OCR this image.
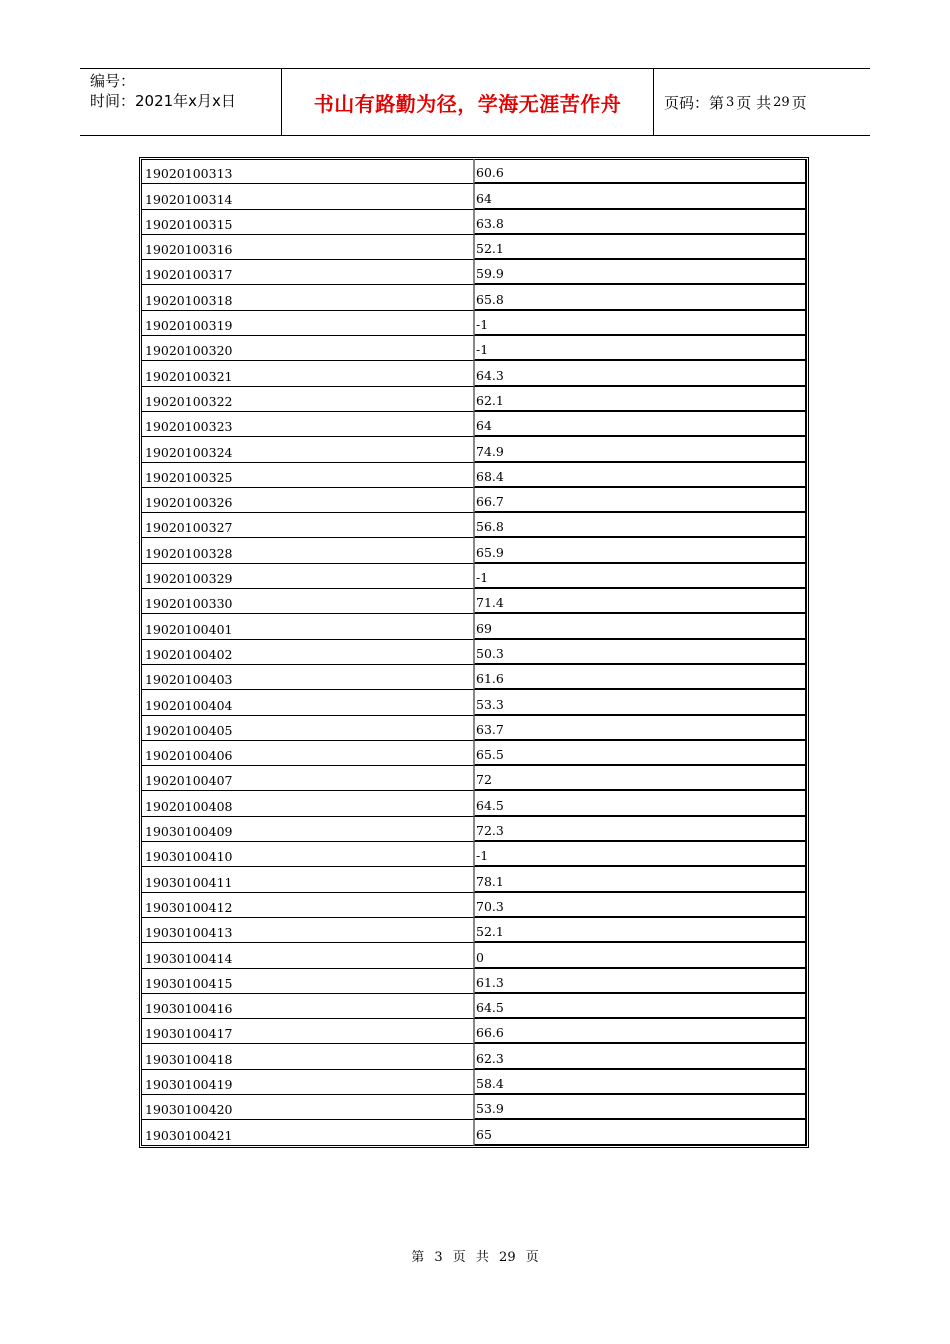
编号：
时间：2021年x月x日	书山有路勤为径，学海无涯苦作舟	页码：第 3 页 共 29 页
19020100313	60.6
19020100314	64
19020100315	63.8
19020100316	52.1
19020100317	59.9
19020100318	65.8
19020100319	-1
19020100320	-1
19020100321	64.3
19020100322	62.1
19020100323	64
19020100324	74.9
19020100325	68.4
19020100326	66.7
19020100327	56.8
19020100328	65.9
19020100329	-1
19020100330	71.4
19020100401	69
19020100402	50.3
19020100403	61.6
19020100404	53.3
19020100405	63.7
19020100406	65.5
19020100407	72
19020100408	64.5
19030100409	72.3
19030100410	-1
19030100411	78.1
19030100412	70.3
19030100413	52.1
19030100414	0
19030100415	61.3
19030100416	64.5
19030100417	66.6
19030100418	62.3
19030100419	58.4
19030100420	53.9
19030100421	65
第 3 页 共 29 页
